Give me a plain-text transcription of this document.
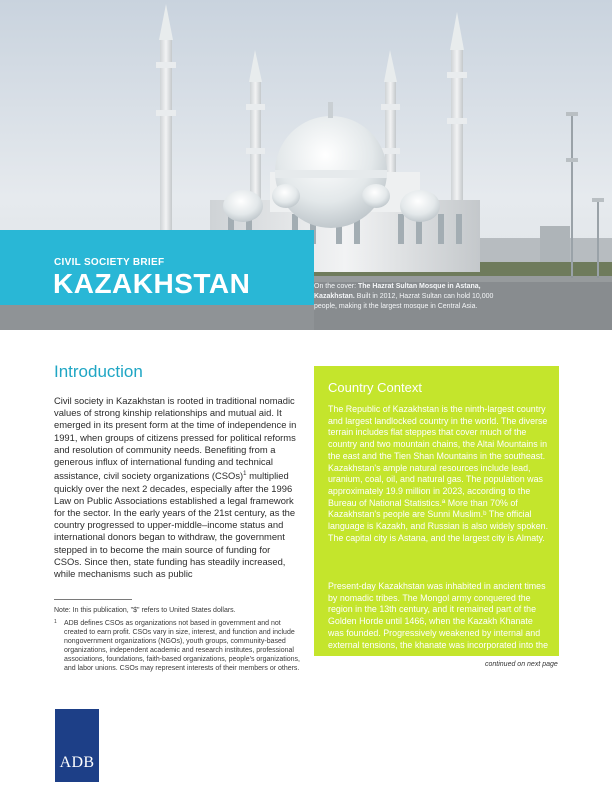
CIVIL SOCIETY BRIEF
KAZAKHSTAN	On the cover: The Hazrat Sultan Mosque in Astana, Kazakhstan. Built in 2012, Hazrat Sultan can hold 10,000 people, making it the largest mosque in Central Asia.
Introduction

Civil society in Kazakhstan is rooted in traditional nomadic values of strong kinship relationships and mutual aid. It emerged in its present form at the time of independence in 1991, when groups of citizens pressed for political reforms and resolution of community needs. Benefiting from a generous influx of international funding and technical assistance, civil society organizations (CSOs)$^1$ multiplied quickly over the next 2 decades, especially after the 1996 Law on Public Associations established a legal framework for the sector. In the early years of the 21st century, as the country progressed to upper-middle–income status and international donors began to withdraw, the government stepped in to become the main source of funding for CSOs. Since then, state funding has steadily increased, while mechanisms such as public

Note: In this publication, "$" refers to United States dollars.
1	ADB defines CSOs as organizations not based in government and not created to earn profit. CSOs vary in size, interest, and function and include nongovernment organizations (NGOs), youth groups, community-based organizations, independent academic and research institutes, professional associations, foundations, faith-based organizations, people's organizations, and labor unions. CSOs may represent interests of their members or others.
Country Context

The Republic of Kazakhstan is the ninth-largest country and largest landlocked country in the world. The diverse terrain includes flat steppes that cover much of the country and two mountain chains, the Altai Mountains in the east and the Tien Shan Mountains in the southeast. Kazakhstan's ample natural resources include lead, uranium, coal, oil, and natural gas. The population was approximately 19.9 million in 2023, according to the Bureau of National Statistics.ª More than 70% of Kazakhstan's people are Sunni Muslim.ᵇ The official language is Kazakh, and Russian is also widely spoken. The capital city is Astana, and the largest city is Almaty.

Present-day Kazakhstan was inhabited in ancient times by nomadic tribes. The Mongol army conquered the region in the 13th century, and it remained part of the Golden Horde until 1466, when the Kazakh Khanate was founded. Progressively weakened by internal and external tensions, the khanate was incorporated into the

continued on next page
ADB
